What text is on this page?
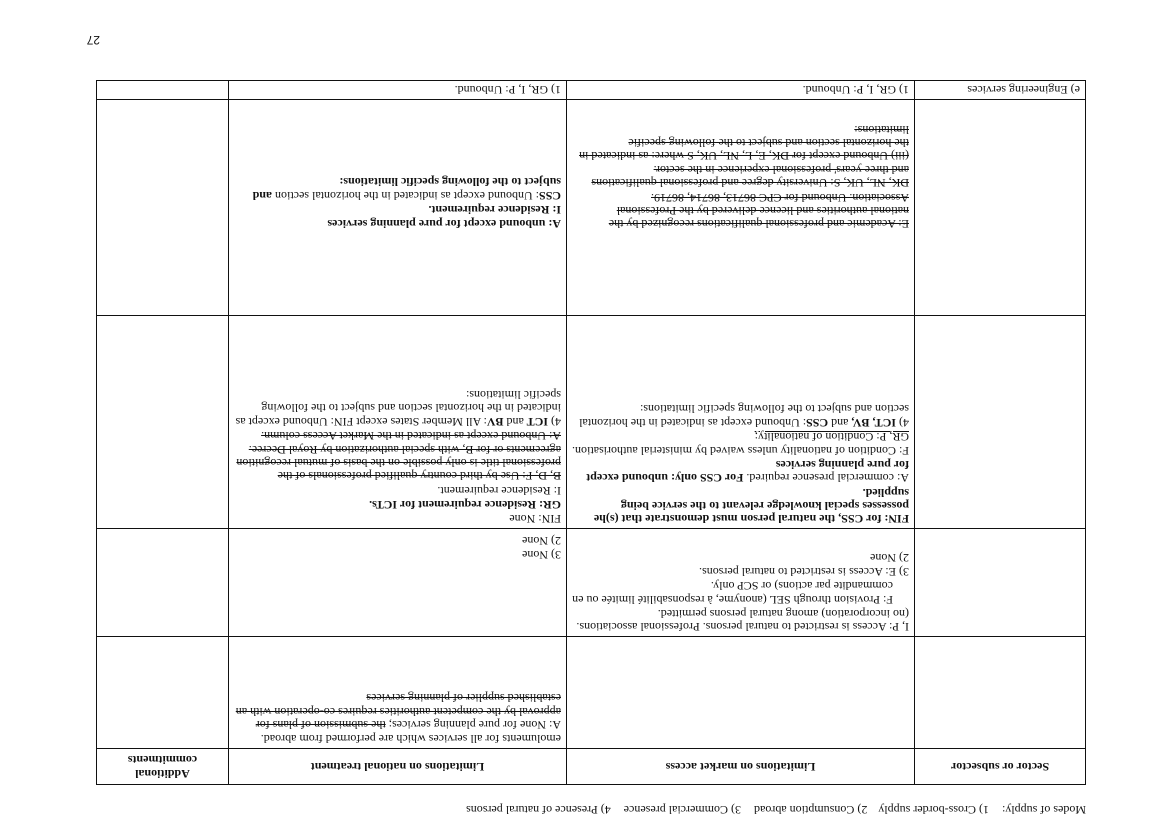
Modes of supply: 1) Cross-border supply 2) Consumption abroad 3) Commercial presence 4) Presence of natural persons
Sector or subsector
Limitations on market access
Limitations on national treatment
Additional commitments

emoluments for all services which are performed from abroad.

A: None for pure planning services; the submission of plans for approval by the competent authorities requires co-operation with an established supplier of planning services

I, P: Access is restricted to natural persons. Professional associations. (no incorporation) among natural persons permitted.

F: Provision through SEL (anonyme, à responsabilité limitée ou en commandite par actions) or SCP only.

3) E: Access is restricted to natural persons.

2) None

3) None

2) None

FIN: for CSS, the natural person must demonstrate that (s)he possesses special knowledge relevant to the service being supplied.

A: commercial presence required. For CSS only: unbound except for pure planning services

F: Condition of nationality unless waived by ministerial authorisation.

GR, P: Condition of nationality;

4) ICT, BV, and CSS: Unbound except as indicated in the horizontal section and subject to the following specific limitations:

FIN: None

GR: Residence requirement for ICTs.

I: Residence requirement.

B, D, F: Use by third country qualified professionals of the professional title is only possible on the basis of mutual recognition agreements or for B, with special authorization by Royal Decree.

A: Unbound except as indicated in the Market Access column.

4) ICT and BV: All Member States except FIN: Unbound except as indicated in the horizontal section and subject to the following specific limitations:

E: Academic and professional qualifications recognized by the national authorities and licence delivered by the Professional Association. Unbound for CPC 86713, 86714, 86719.

DK, NL, UK, S: University degree and professional qualifications and three years' professional experience in the sector.

(iii) Unbound except for DK, E, L, NL, UK, S where: as indicated in the horizontal section and subject to the following specific limitations:

A: unbound except for pure planning services

I: Residence requirement.

CSS: Unbound except as indicated in the horizontal section and subject to the following specific limitations:

e) Engineering services
1) GR, I, P: Unbound.
1) GR, I, P: Unbound.
27
